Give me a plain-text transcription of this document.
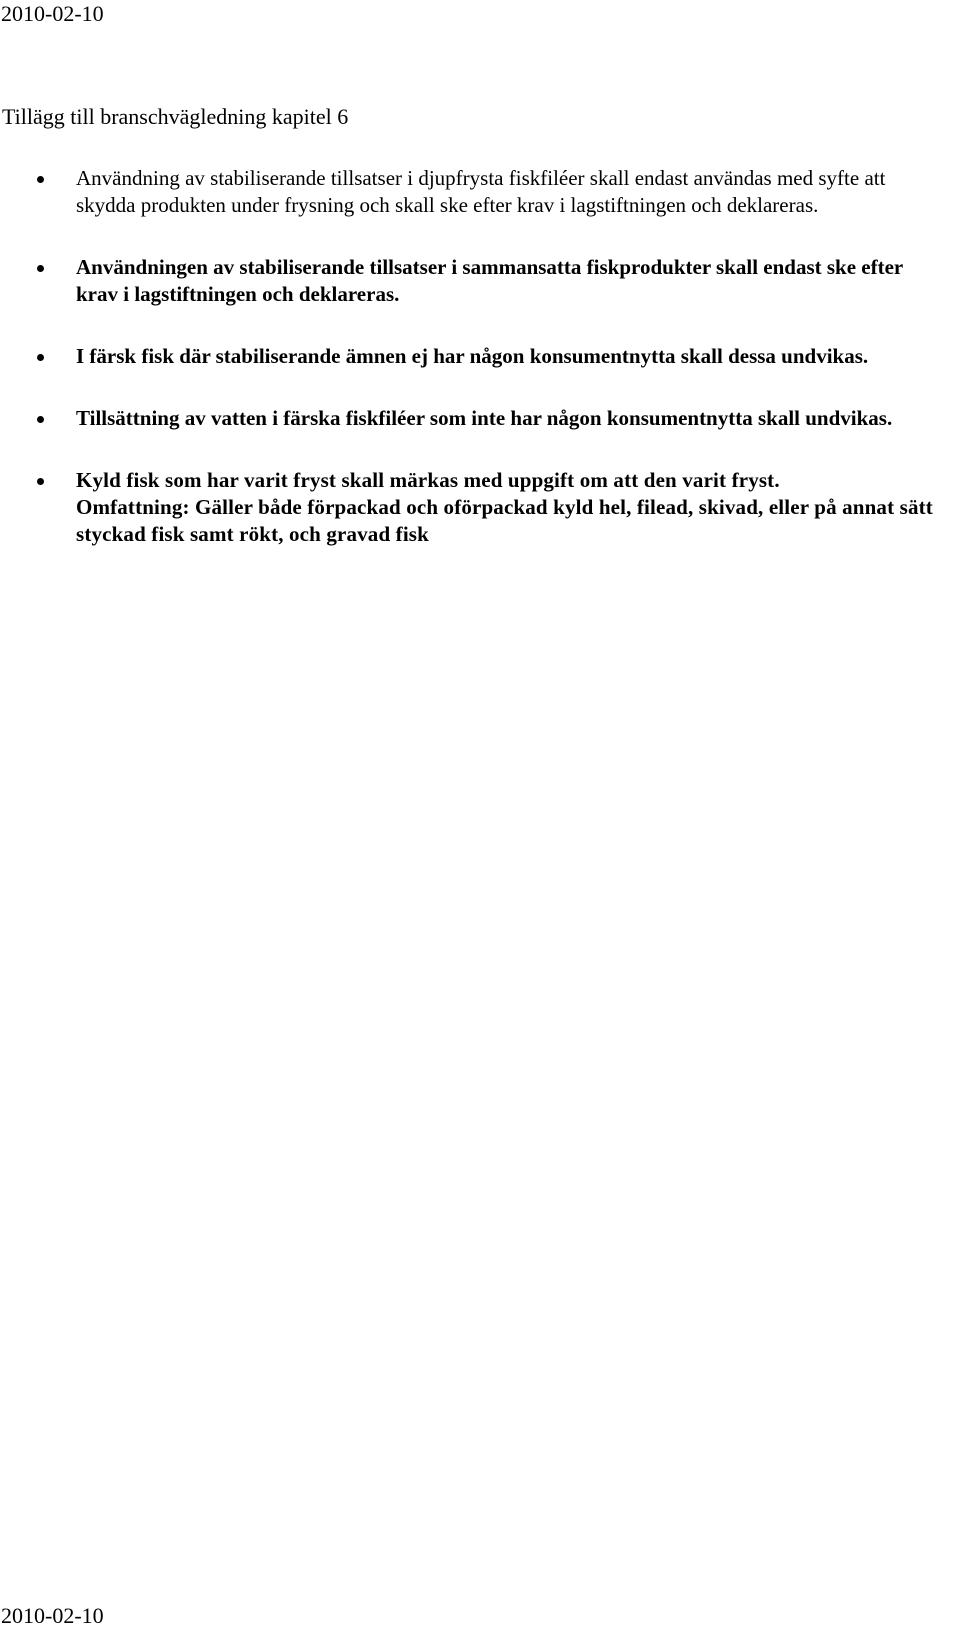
2010-02-10
Tillägg till branschvägledning kapitel 6
Användning av stabiliserande tillsatser i djupfrysta fiskfiléer skall endast användas med syfte att skydda produkten under frysning och skall ske efter krav i lagstiftningen och deklareras.
Användningen av stabiliserande tillsatser i sammansatta fiskprodukter skall endast ske efter krav i lagstiftningen och deklareras.
I färsk fisk där stabiliserande ämnen ej har någon konsumentnytta skall dessa undvikas.
Tillsättning av vatten i färska fiskfiléer som inte har någon konsumentnytta skall undvikas.
Kyld fisk som har varit fryst skall märkas med uppgift om att den varit fryst.
Omfattning: Gäller både förpackad och oförpackad kyld hel, filead, skivad, eller på annat sätt styckad fisk samt rökt, och gravad fisk
2010-02-10
